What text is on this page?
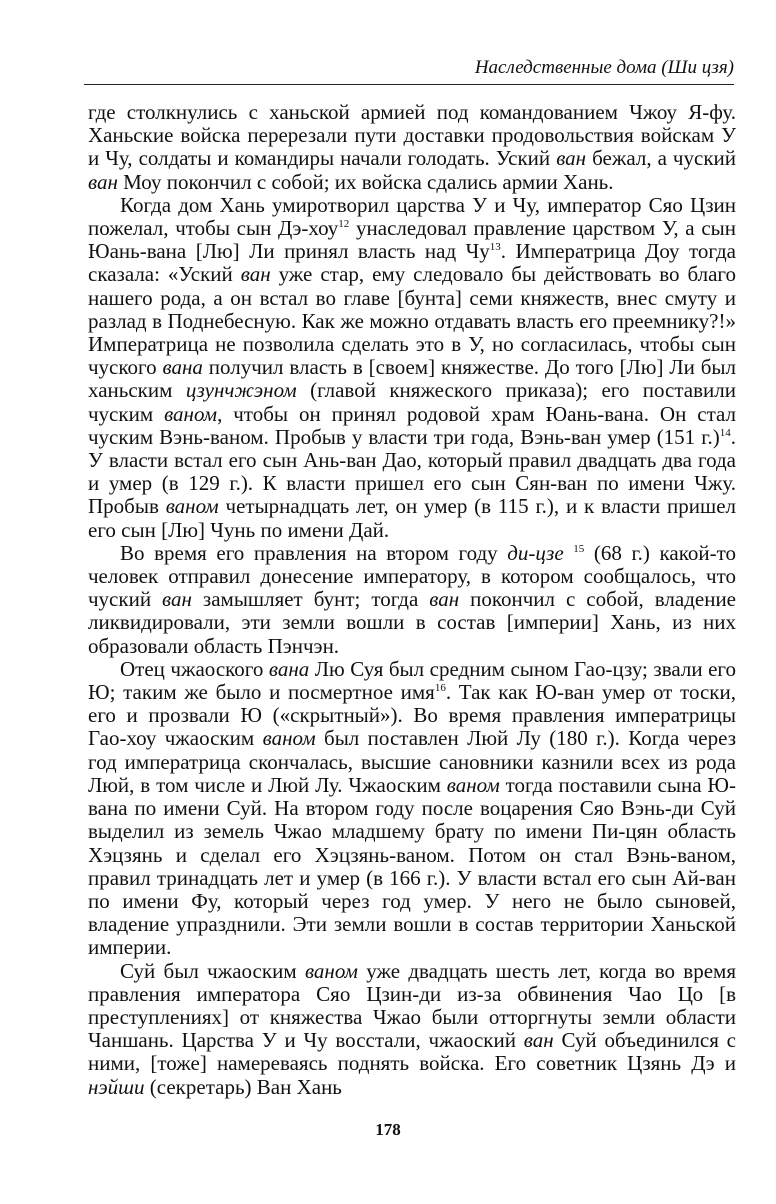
Наследственные дома (Ши цзя)

где столкнулись с ханьской армией под командованием Чжоу Я-фу. Ханьские войска перерезали пути доставки продовольствия войскам У и Чу, солдаты и командиры начали голодать. Уский ван бежал, а чуский ван Моу покончил с собой; их войска сдались армии Хань.

Когда дом Хань умиротворил царства У и Чу, император Сяо Цзин пожелал, чтобы сын Дэ-хоу$^{12}$ унаследовал правление царством У, а сын Юань-вана [Лю] Ли принял власть над $Чу^{13}$. Императрица Доу тогда сказала: «Уский ван уже стар, ему следовало бы действовать во благо нашего рода, а он встал во главе [бунта] семи княжеств, внес смуту и разлад в Поднебесную. Как же можно отдавать власть его преемнику?!» Императрица не позволила сделать это в У, но согласилась, чтобы сын чуского вана получил власть в [своем] княжестве. До того [Лю] Ли был ханьским цзунчжэном (главой княжеского приказа); его поставили чуским ваном, чтобы он принял родовой храм Юань-вана. Он стал чуским Вэнь-ваном. Пробыв у власти три года, Вэнь-ван умер (151 г.)$^{14}$. У власти встал его сын Ань-ван Дао, который правил двадцать два года и умер (в 129 г.). К власти пришел его сын Сян-ван по имени Чжу. Пробыв ваном четырнадцать лет, он умер (в 115 г.), и к власти пришел его сын [Лю] Чунь по имени Дай.

Во время его правления на втором году ди-цзе $^{15}$ (68 г.) какой-то человек отправил донесение императору, в котором сообщалось, что чуский ван замышляет бунт; тогда ван покончил с собой, владение ликвидировали, эти земли вошли в состав [империи] Хань, из них образовали область Пэнчэн.

Отец чжаоского вана Лю Суя был средним сыном Гао-цзу; звали его Ю; таким же было и посмертное имя$^{16}$. Так как Ю-ван умер от тоски, его и прозвали Ю («скрытный»). Во время правления императрицы Гао-хоу чжаоским ваном был поставлен Люй Лу (180 г.). Когда через год императрица скончалась, высшие сановники казнили всех из рода Люй, в том числе и Люй Лу. Чжаоским ваном тогда поставили сына Ю-вана по имени Суй. На втором году после воцарения Сяо Вэнь-ди Суй выделил из земель Чжао младшему брату по имени Пи-цян область Хэцзянь и сделал его Хэцзянь-ваном. Потом он стал Вэнь-ваном, правил тринадцать лет и умер (в 166 г.). У власти встал его сын Ай-ван по имени Фу, который через год умер. У него не было сыновей, владение упразднили. Эти земли вошли в состав территории Ханьской империи.

Суй был чжаоским ваном уже двадцать шесть лет, когда во время правления императора Сяо Цзин-ди из-за обвинения Чао Цо [в преступлениях] от княжества Чжао были отторгнуты земли области Чаншань. Царства У и Чу восстали, чжаоский ван Суй объединился с ними, [тоже] намереваясь поднять войска. Его советник Цзянь Дэ и нэйши (секретарь) Ван Хань

178
